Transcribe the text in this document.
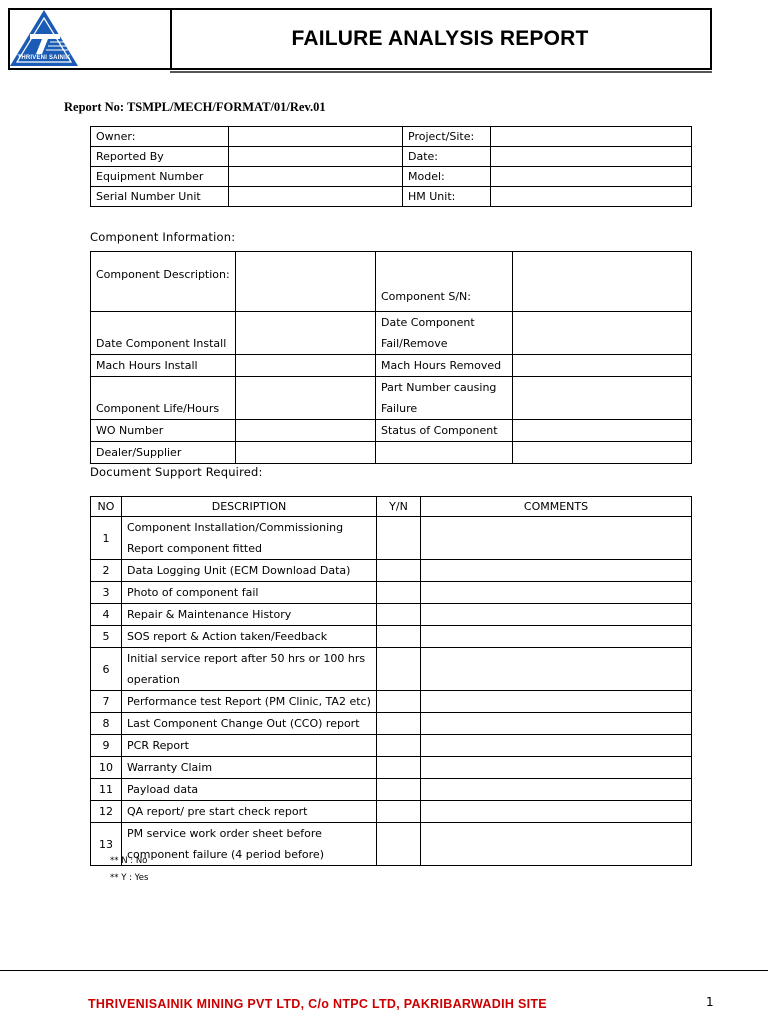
FAILURE ANALYSIS REPORT
THRIVENI SAINIK
Report No: TSMPL/MECH/FORMAT/01/Rev.01
Owner:		Project/Site:	
Reported By		Date:	
Equipment Number		Model:	
Serial Number Unit		HM Unit:	
Component Information:
Component Description:		Component S/N:	
Date Component Install		Date Component Fail/Remove	
Mach Hours Install		Mach Hours Removed	
Component Life/Hours		Part Number causing Failure	
WO Number		Status of Component	
Dealer/Supplier			
Document Support Required:
NO	DESCRIPTION	Y/N	COMMENTS
1	Component Installation/Commissioning Report component fitted		
2	Data Logging Unit (ECM Download Data)		
3	Photo of component fail		
4	Repair & Maintenance History		
5	SOS report & Action taken/Feedback		
6	Initial service report after 50 hrs or 100 hrs operation		
7	Performance test Report (PM Clinic, TA2 etc)		
8	Last Component Change Out (CCO) report		
9	PCR Report		
10	Warranty Claim		
11	Payload data		
12	QA report/ pre start check report		
13	PM service work order sheet before component failure (4 period before)		
** N : No
** Y : Yes
THRIVENISAINIK MINING PVT LTD, C/o NTPC LTD, PAKRIBARWADIH SITE	1
